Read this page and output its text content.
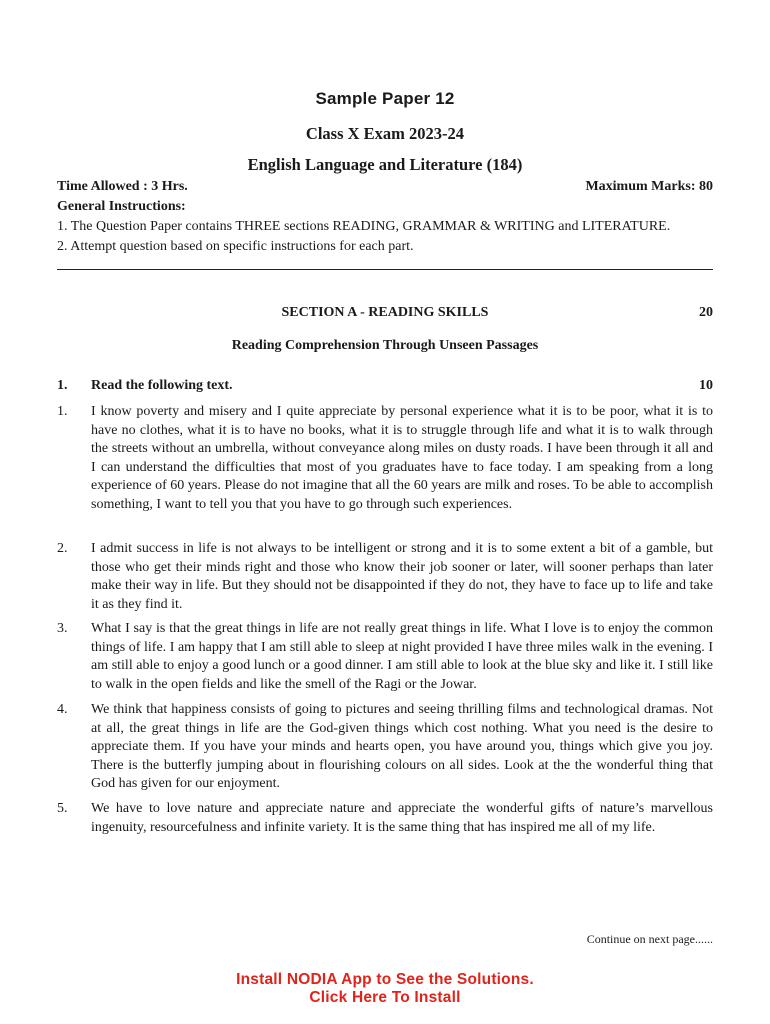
Sample Paper 12
Class X Exam 2023-24
English Language and Literature (184)
Time Allowed : 3 Hrs.	Maximum Marks: 80
General Instructions:
1. The Question Paper contains THREE sections READING, GRAMMAR & WRITING and LITERATURE.
2. Attempt question based on specific instructions for each part.
SECTION A - READING SKILLS	20
Reading Comprehension Through Unseen Passages
1. Read the following text.	10
1. I know poverty and misery and I quite appreciate by personal experience what it is to be poor, what it is to have no clothes, what it is to have no books, what it is to struggle through life and what it is to walk through the streets without an umbrella, without conveyance along miles on dusty roads. I have been through it all and I can understand the difficulties that most of you graduates have to face today. I am speaking from a long experience of 60 years. Please do not imagine that all the 60 years are milk and roses. To be able to accomplish something, I want to tell you that you have to go through such experiences.
2. I admit success in life is not always to be intelligent or strong and it is to some extent a bit of a gamble, but those who get their minds right and those who know their job sooner or later, will sooner perhaps than later make their way in life. But they should not be disappointed if they do not, they have to face up to life and take it as they find it.
3. What I say is that the great things in life are not really great things in life. What I love is to enjoy the common things of life. I am happy that I am still able to sleep at night provided I have three miles walk in the evening. I am still able to enjoy a good lunch or a good dinner. I am still able to look at the blue sky and like it. I still like to walk in the open fields and like the smell of the Ragi or the Jowar.
4. We think that happiness consists of going to pictures and seeing thrilling films and technological dramas. Not at all, the great things in life are the God-given things which cost nothing. What you need is the desire to appreciate them. If you have your minds and hearts open, you have around you, things which give you joy. There is the butterfly jumping about in flourishing colours on all sides. Look at the the wonderful thing that God has given for our enjoyment.
5. We have to love nature and appreciate nature and appreciate the wonderful gifts of nature’s marvellous ingenuity, resourcefulness and infinite variety. It is the same thing that has inspired me all of my life.
Continue on next page......
Install NODIA App to See the Solutions.
Click Here To Install
